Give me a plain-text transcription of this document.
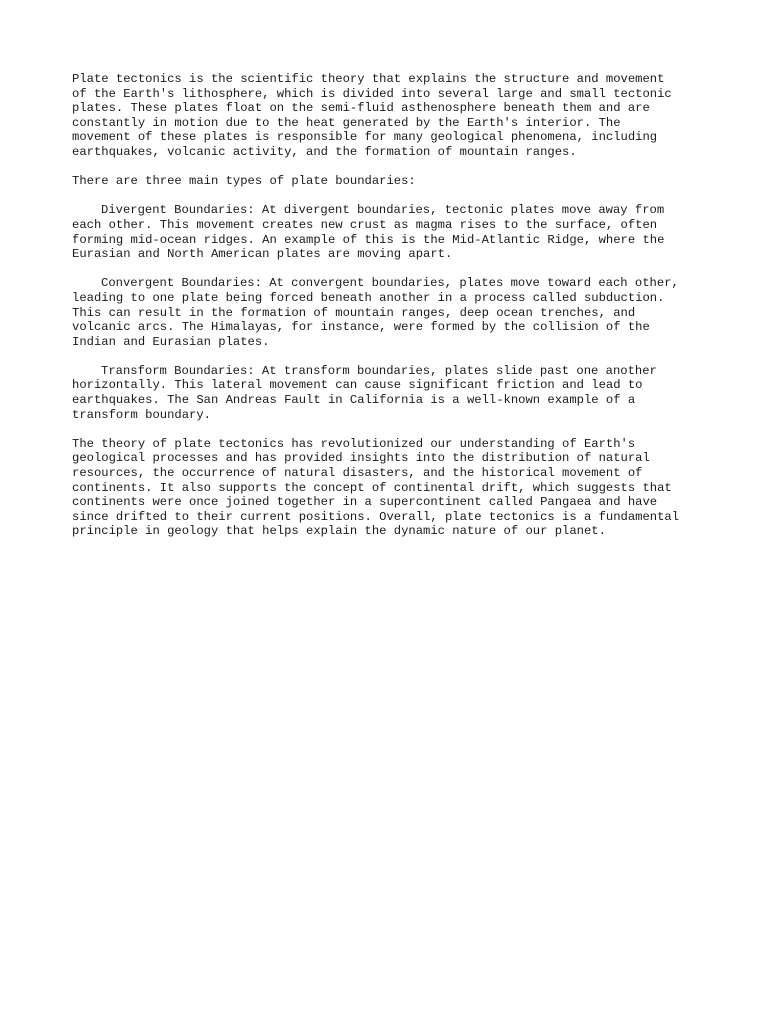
Plate tectonics is the scientific theory that explains the structure and movement
of the Earth's lithosphere, which is divided into several large and small tectonic
plates. These plates float on the semi-fluid asthenosphere beneath them and are
constantly in motion due to the heat generated by the Earth's interior. The
movement of these plates is responsible for many geological phenomena, including
earthquakes, volcanic activity, and the formation of mountain ranges.

There are three main types of plate boundaries:

Divergent Boundaries: At divergent boundaries, tectonic plates move away from
each other. This movement creates new crust as magma rises to the surface, often
forming mid-ocean ridges. An example of this is the Mid-Atlantic Ridge, where the
Eurasian and North American plates are moving apart.

Convergent Boundaries: At convergent boundaries, plates move toward each other,
leading to one plate being forced beneath another in a process called subduction.
This can result in the formation of mountain ranges, deep ocean trenches, and
volcanic arcs. The Himalayas, for instance, were formed by the collision of the
Indian and Eurasian plates.

Transform Boundaries: At transform boundaries, plates slide past one another
horizontally. This lateral movement can cause significant friction and lead to
earthquakes. The San Andreas Fault in California is a well-known example of a
transform boundary.

The theory of plate tectonics has revolutionized our understanding of Earth's
geological processes and has provided insights into the distribution of natural
resources, the occurrence of natural disasters, and the historical movement of
continents. It also supports the concept of continental drift, which suggests that
continents were once joined together in a supercontinent called Pangaea and have
since drifted to their current positions. Overall, plate tectonics is a fundamental
principle in geology that helps explain the dynamic nature of our planet.
